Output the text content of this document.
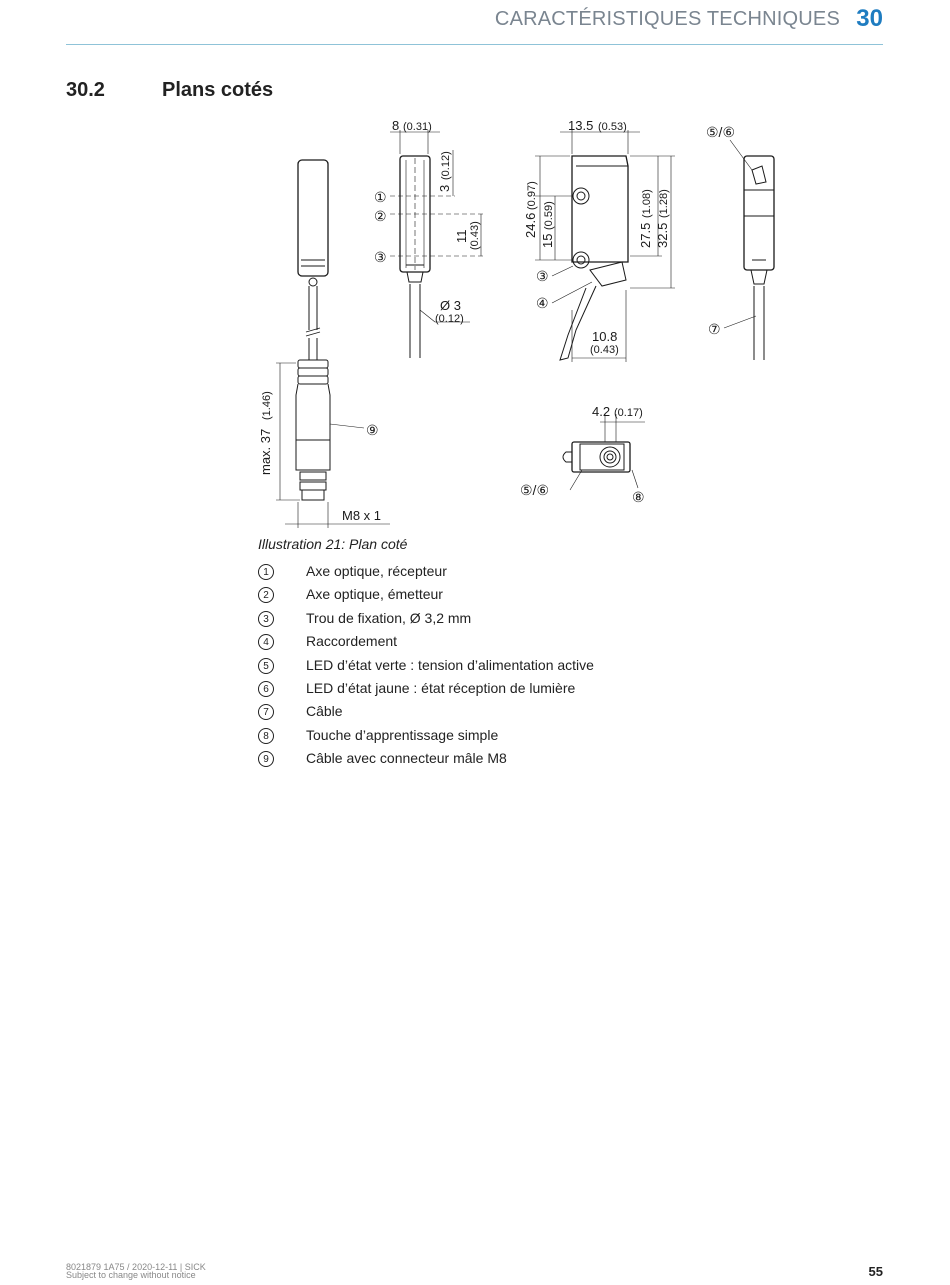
CARACTÉRISTIQUES TECHNIQUES 30
30.2	Plans cotés
max. 37
(1.46)
M8 x 1
⑨
8 (0.31)
3
(0.12)
11 (0.43)
①
②
③
Ø 3
(0.12)
13.5 (0.53)
24.6
(0.97)
15
(0.59)
27.5
(1.08)
32.5
(1.28)
10.8
(0.43)
③
④
⑤/⑥
⑦
4.2 (0.17)
⑤/⑥	⑧
Illustration 21: Plan coté
1	Axe optique, récepteur
2	Axe optique, émetteur
3	Trou de fixation, Ø 3,2 mm
4	Raccordement
5	LED d’état verte : tension d’alimentation active
6	LED d’état jaune : état réception de lumière
7	Câble
8	Touche d’apprentissage simple
9	Câble avec connecteur mâle M8
8021879 1A75 / 2020-12-11 | SICK
Subject to change without notice	55
